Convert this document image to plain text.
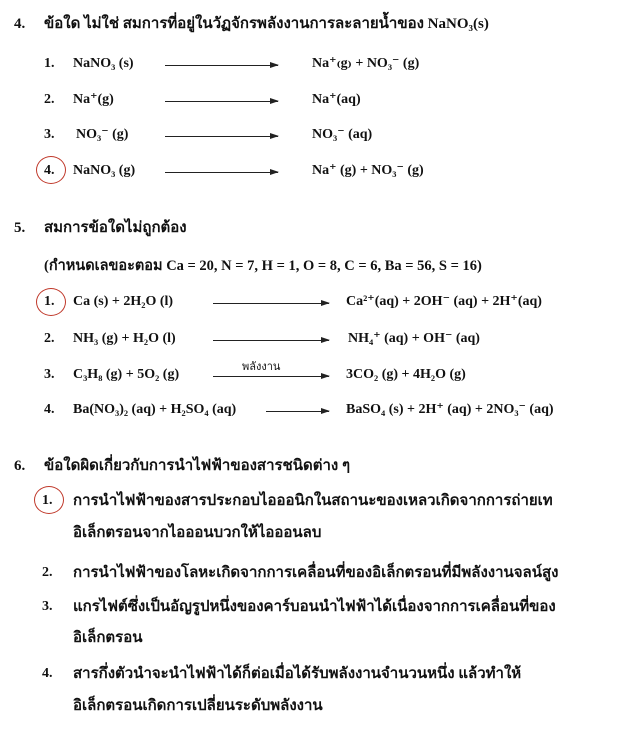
4. ข้อใด ไม่ใช่ สมการที่อยู่ในวัฏจักรพลังงานการละลายน้ำของ NaNO₃(s)
1. NaNO₃ (s)	Na⁺₍g₎ + NO₃⁻ (g)
2. Na⁺(g)	Na⁺(aq)
3. NO₃⁻ (g)	NO₃⁻ (aq)
4. NaNO₃ (g)	Na⁺ (g) + NO₃⁻ (g)
5. สมการข้อใดไม่ถูกต้อง
(กำหนดเลขอะตอม Ca = 20, N = 7, H = 1, O = 8, C = 6, Ba = 56, S = 16)
1. Ca (s) + 2H₂O (l)	Ca²⁺(aq) + 2OH⁻ (aq) + 2H⁺(aq)
2. NH₃ (g) + H₂O (l)	NH₄⁺ (aq) + OH⁻ (aq)
3. C₃H₈ (g) + 5O₂ (g)	พลังงาน	3CO₂ (g) + 4H₂O (g)
4. Ba(NO₃)₂ (aq) + H₂SO₄ (aq)	BaSO₄ (s) + 2H⁺ (aq) + 2NO₃⁻ (aq)
6. ข้อใดผิดเกี่ยวกับการนำไฟฟ้าของสารชนิดต่าง ๆ
1. การนำไฟฟ้าของสารประกอบไอออนิกในสถานะของเหลวเกิดจากการถ่ายเท
อิเล็กตรอนจากไอออนบวกให้ไอออนลบ
2. การนำไฟฟ้าของโลหะเกิดจากการเคลื่อนที่ของอิเล็กตรอนที่มีพลังงานจลน์สูง
3. แกรไฟต์ซึ่งเป็นอัญรูปหนึ่งของคาร์บอนนำไฟฟ้าได้เนื่องจากการเคลื่อนที่ของ
อิเล็กตรอน
4. สารกึ่งตัวนำจะนำไฟฟ้าได้ก็ต่อเมื่อได้รับพลังงานจำนวนหนึ่ง แล้วทำให้
อิเล็กตรอนเกิดการเปลี่ยนระดับพลังงาน
